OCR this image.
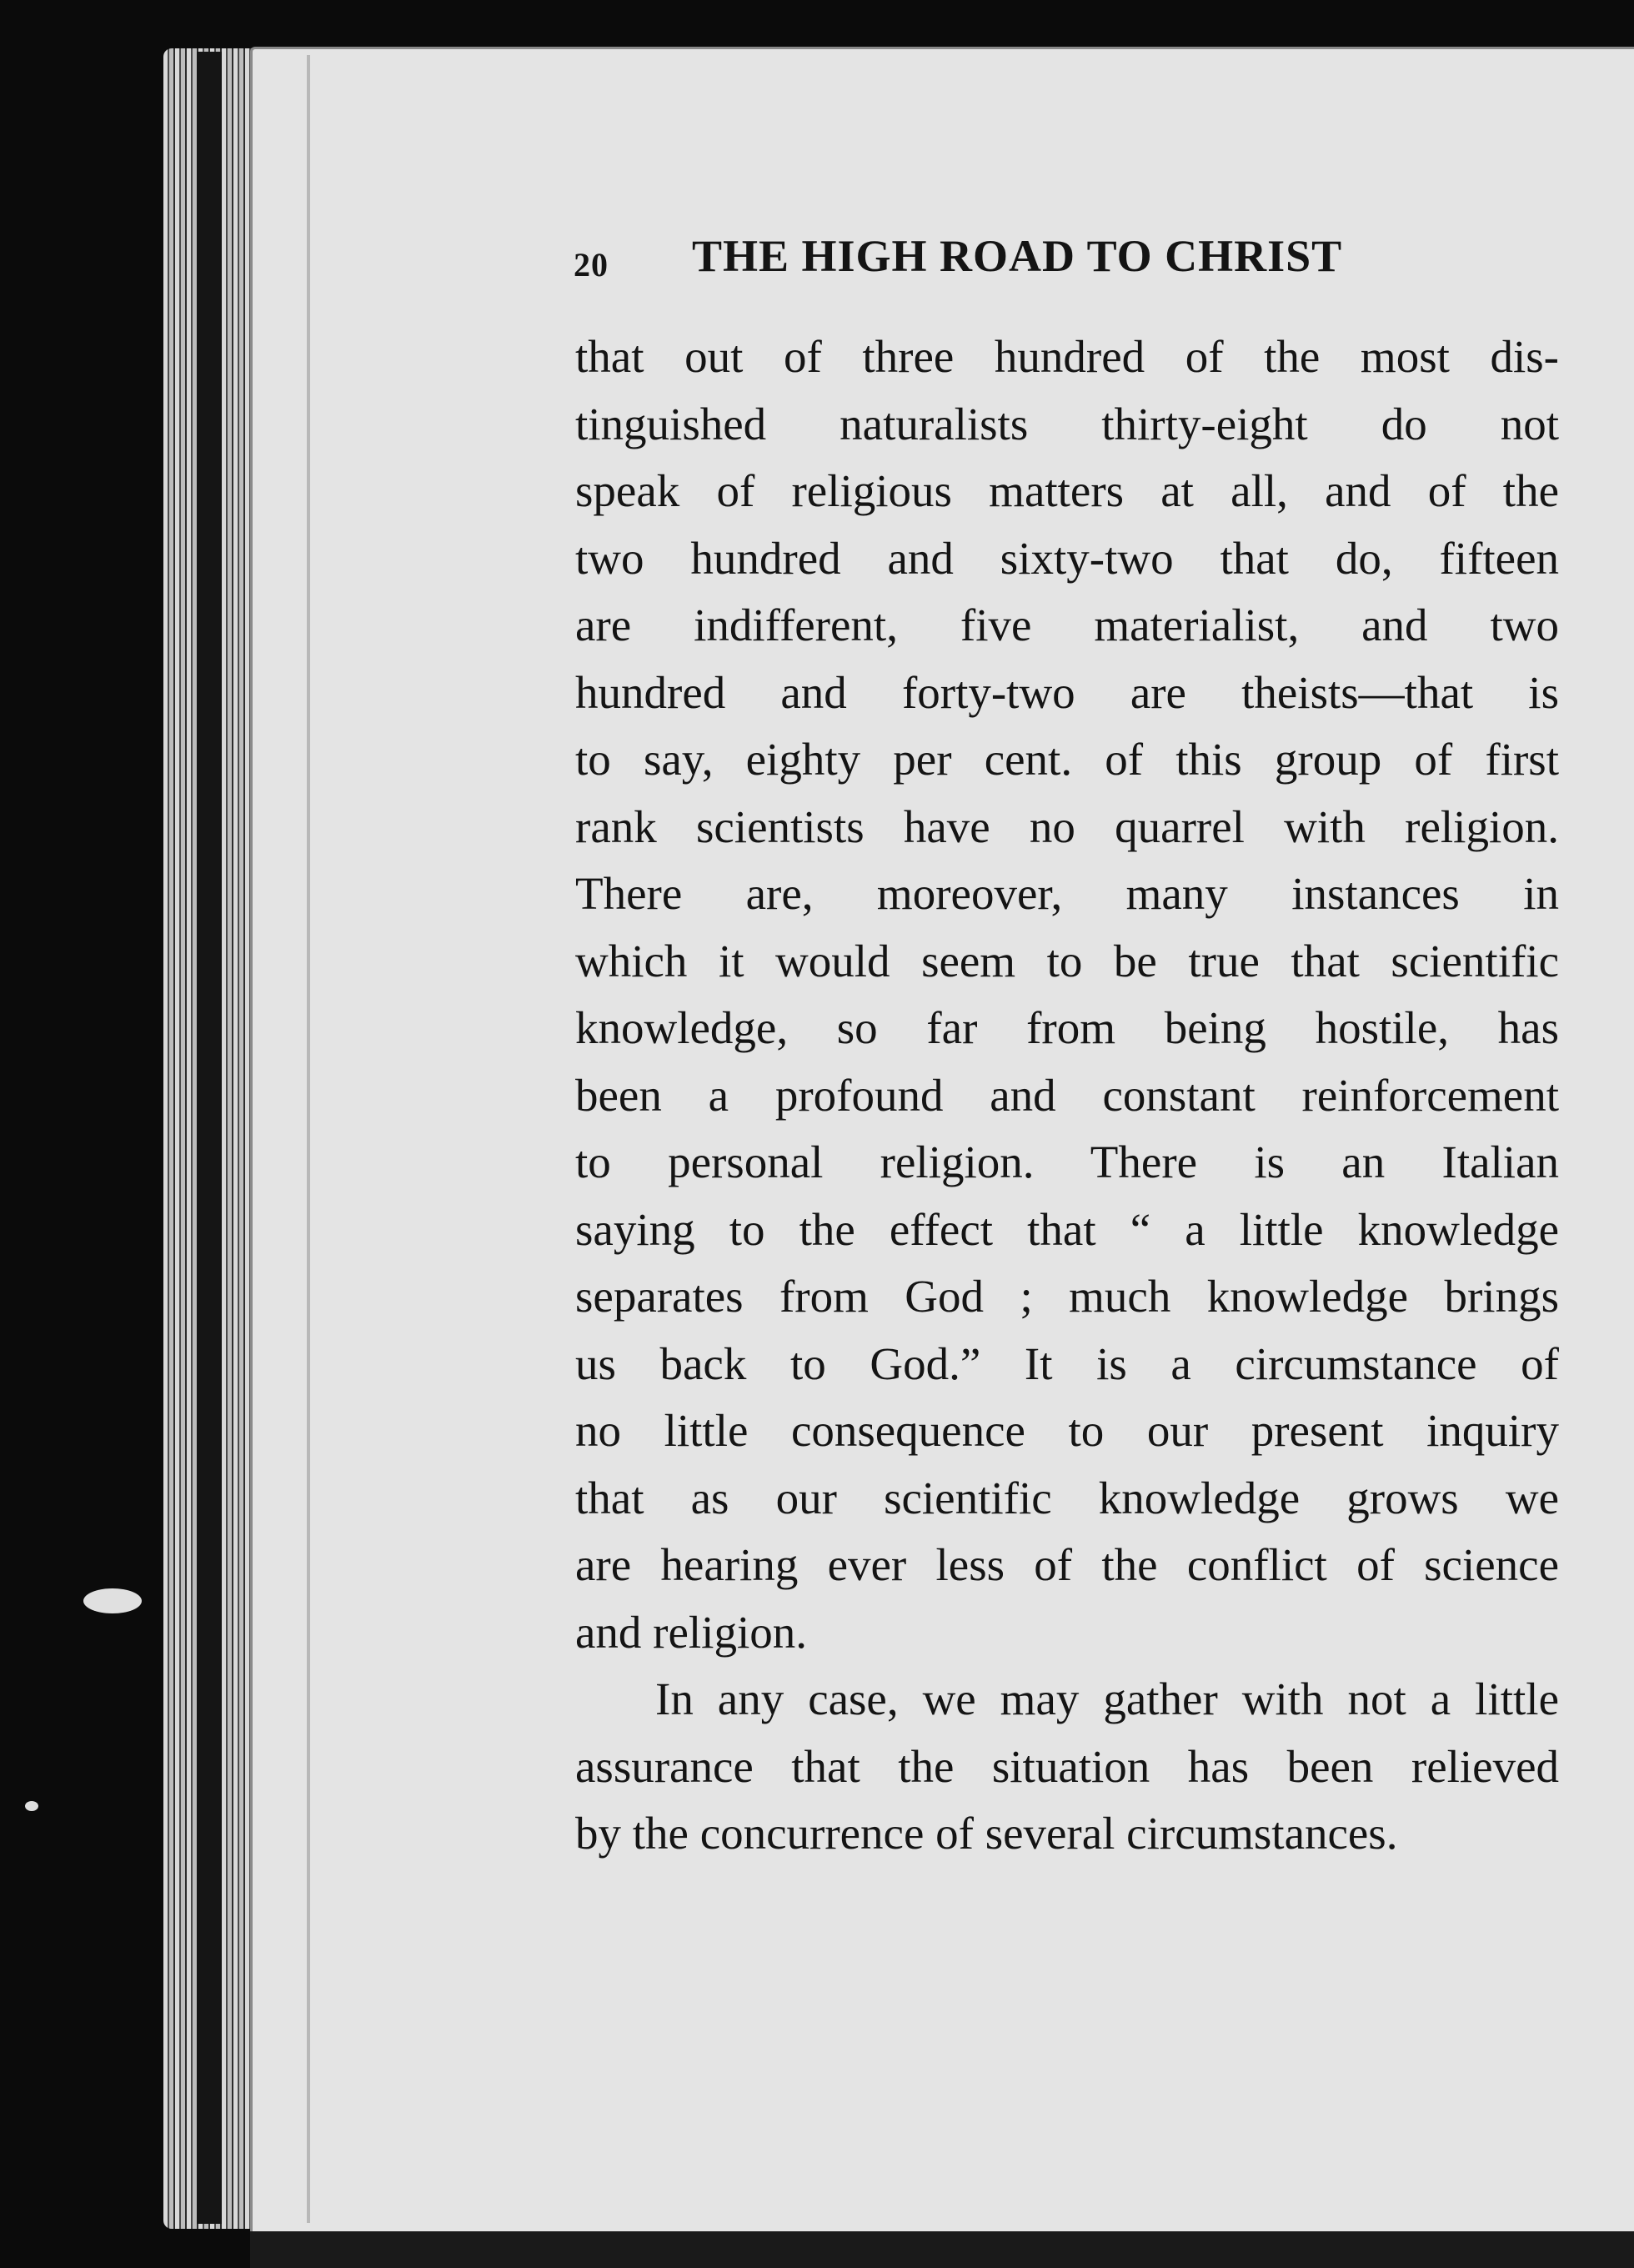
20 THE HIGH ROAD TO CHRIST
that out of three hundred of the most dis-
tinguished naturalists thirty-eight do not
speak of religious matters at all, and of the
two hundred and sixty-two that do, fifteen
are indifferent, five materialist, and two
hundred and forty-two are theists—that is
to say, eighty per cent. of this group of first
rank scientists have no quarrel with religion.
There are, moreover, many instances in
which it would seem to be true that scientific
knowledge, so far from being hostile, has
been a profound and constant reinforcement
to personal religion. There is an Italian
saying to the effect that “ a little knowledge
separates from God ; much knowledge brings
us back to God.” It is a circumstance of
no little consequence to our present inquiry
that as our scientific knowledge grows we
are hearing ever less of the conflict of science
and religion.
In any case, we may gather with not a little
assurance that the situation has been relieved
by the concurrence of several circumstances.
